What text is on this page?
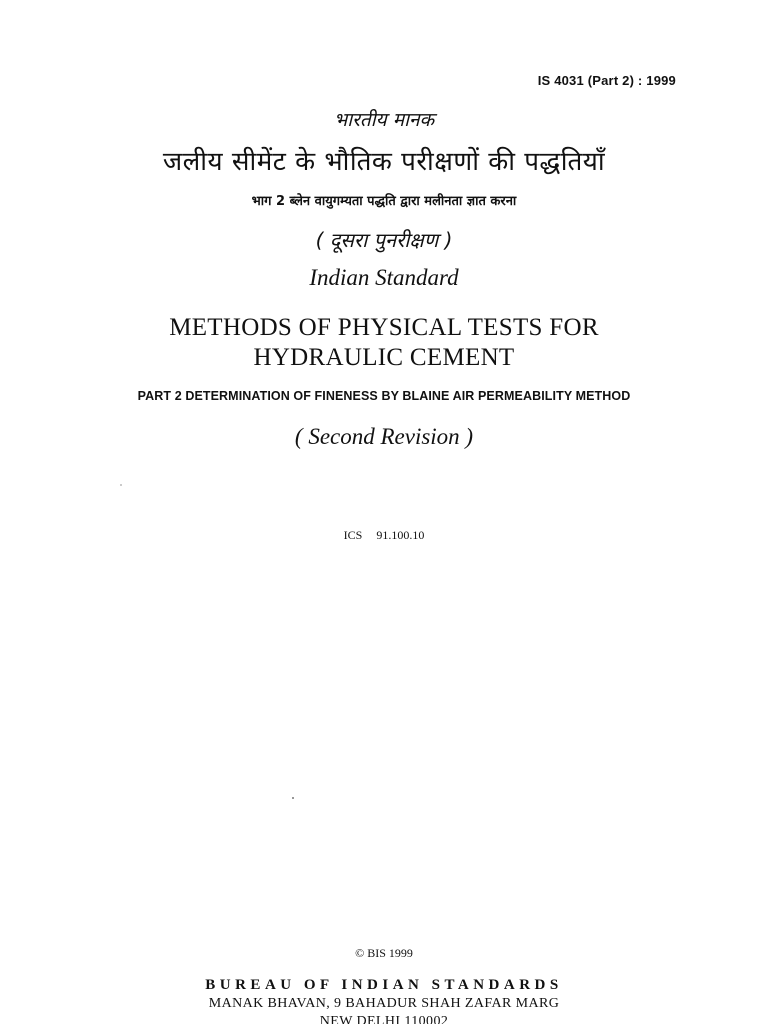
IS 4031 (Part 2) : 1999
भारतीय मानक
जलीय सीमेंट के भौतिक परीक्षणों की पद्धतियाँ
भाग 2 ब्लेन वायुगम्यता पद्धति द्वारा मलीनता ज्ञात करना
( दूसरा पुनरीक्षण )
Indian Standard
METHODS OF PHYSICAL TESTS FOR
HYDRAULIC CEMENT
PART 2 DETERMINATION OF FINENESS BY BLAINE AIR PERMEABILITY METHOD
( Second Revision )
ICS 91.100.10
© BIS 1999
BUREAU OF INDIAN STANDARDS
MANAK BHAVAN, 9 BAHADUR SHAH ZAFAR MARG
NEW DELHI 110002
